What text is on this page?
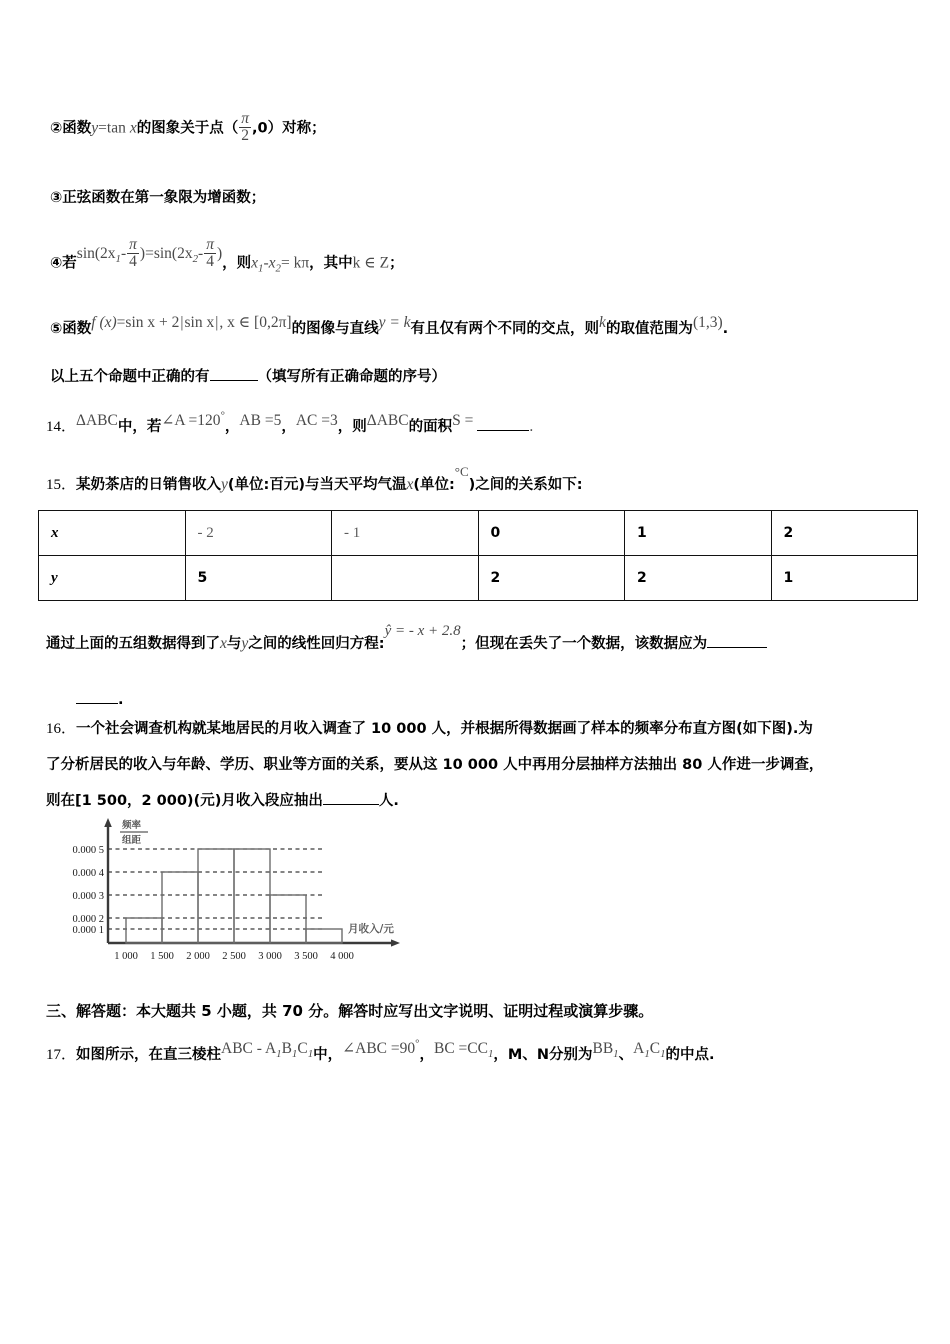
②函数y=tan x的图象关于点（ $\frac{\pi}{2} ,0$）对称；
③正弦函数在第一象限为增函数；
④若$\sin(2x_1- \frac{\pi}{4} )=\sin(2x_2- \frac{\pi}{4}$ )，则$x_1-x_2= k\pi$，其中k ∈ Z；
⑤函数f (x)=sin x + 2|sin x|, x ∈ [0,2π]的图像与直线y = k有且仅有两个不同的交点，则k的取值范围为(1,3).
以上五个命题中正确的有	（填写所有正确命题的序号）
14．ΔABC中，若∠A =120°，AB =5，AC =3，则ΔABC的面积S =	.
15．某奶茶店的日销售收入y(单位:百元)与当天平均气温x(单位:$^{^\circ C}$)之间的关系如下:
x	- 2	- 1	0	1	2
y	5		2	2	1
通过上面的五组数据得到了x与y之间的线性回归方程:ŷ = - x + 2.8；但现在丢失了一个数据，该数据应为
.
16．一个社会调查机构就某地居民的月收入调查了 10 000 人，并根据所得数据画了样本的频率分布直方图(如下图).为
了分析居民的收入与年龄、学历、职业等方面的关系，要从这 10 000 人中再用分层抽样方法抽出 80 人作进一步调查，
则在[1 500，2 000)(元)月收入段应抽出	人.
三、解答题：本大题共 5 小题，共 70 分。解答时应写出文字说明、证明过程或演算步骤。
17．如图所示，在直三棱柱ABC - $A_1B_1C_1$中，∠ABC =90°，BC $=CC_1$，M、N分别为$BB_1$、$A_1C_1$的中点.
0.000 5
0.000 4
0.000 3
0.000 2
0.000 1
1 000 1 500 2 000 2 500 3 000 3 500 4 000
频率
组距
月收入/元
